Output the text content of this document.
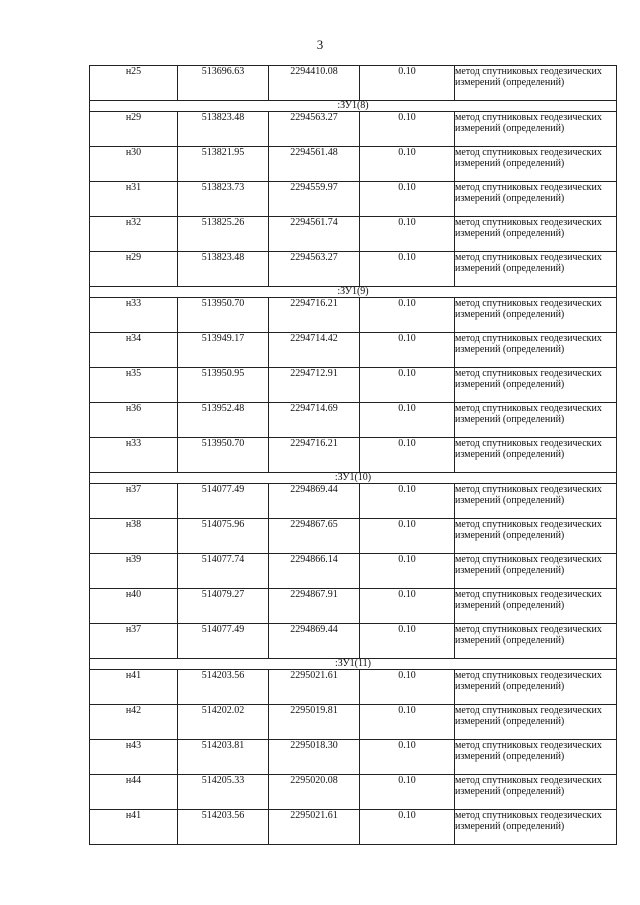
3
н25	513696.63	2294410.08	0.10	метод спутниковых геодезических измерений (определений)
:ЗУ1(8)				
н29	513823.48	2294563.27	0.10	метод спутниковых геодезических измерений (определений)
н30	513821.95	2294561.48	0.10	метод спутниковых геодезических измерений (определений)
н31	513823.73	2294559.97	0.10	метод спутниковых геодезических измерений (определений)
н32	513825.26	2294561.74	0.10	метод спутниковых геодезических измерений (определений)
н29	513823.48	2294563.27	0.10	метод спутниковых геодезических измерений (определений)
:ЗУ1(9)				
н33	513950.70	2294716.21	0.10	метод спутниковых геодезических измерений (определений)
н34	513949.17	2294714.42	0.10	метод спутниковых геодезических измерений (определений)
н35	513950.95	2294712.91	0.10	метод спутниковых геодезических измерений (определений)
н36	513952.48	2294714.69	0.10	метод спутниковых геодезических измерений (определений)
н33	513950.70	2294716.21	0.10	метод спутниковых геодезических измерений (определений)
:ЗУ1(10)				
н37	514077.49	2294869.44	0.10	метод спутниковых геодезических измерений (определений)
н38	514075.96	2294867.65	0.10	метод спутниковых геодезических измерений (определений)
н39	514077.74	2294866.14	0.10	метод спутниковых геодезических измерений (определений)
н40	514079.27	2294867.91	0.10	метод спутниковых геодезических измерений (определений)
н37	514077.49	2294869.44	0.10	метод спутниковых геодезических измерений (определений)
:ЗУ1(11)				
н41	514203.56	2295021.61	0.10	метод спутниковых геодезических измерений (определений)
н42	514202.02	2295019.81	0.10	метод спутниковых геодезических измерений (определений)
н43	514203.81	2295018.30	0.10	метод спутниковых геодезических измерений (определений)
н44	514205.33	2295020.08	0.10	метод спутниковых геодезических измерений (определений)
н41	514203.56	2295021.61	0.10	метод спутниковых геодезических измерений (определений)
